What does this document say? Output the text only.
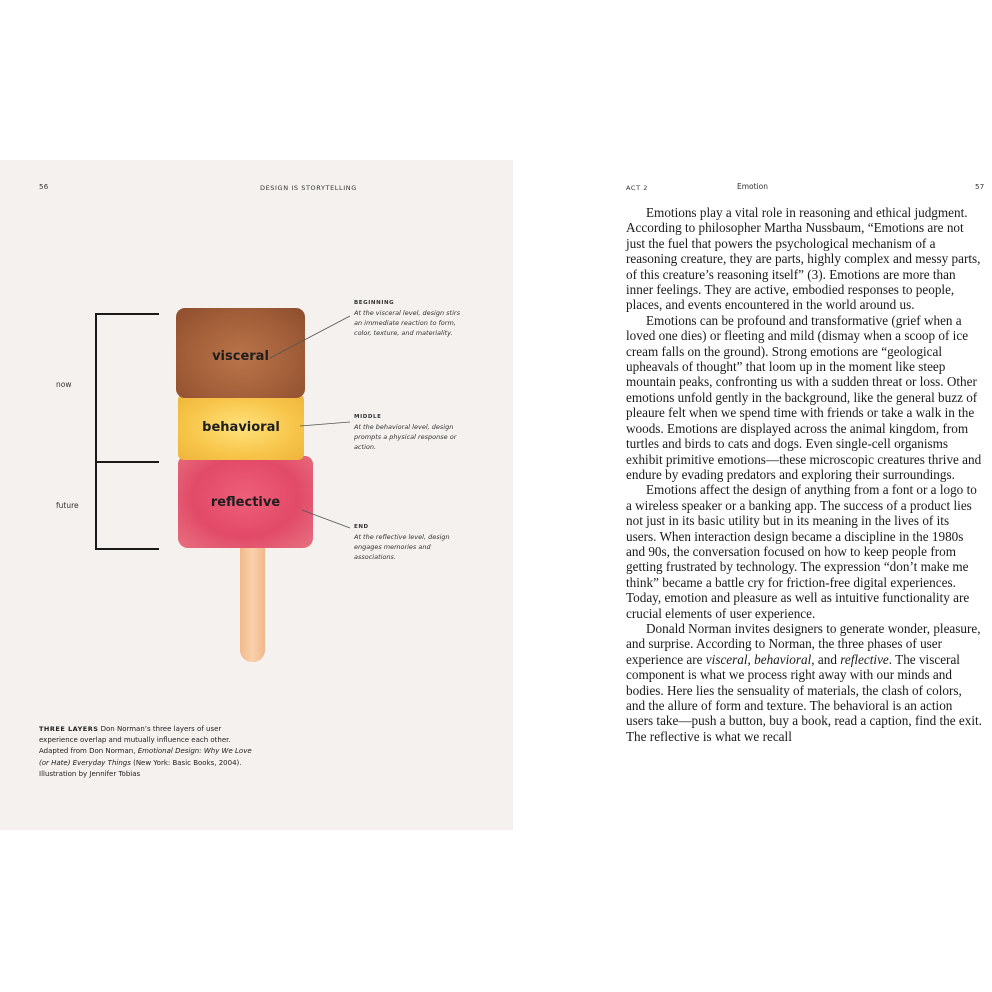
56	DESIGN IS STORYTELLING
now
future	reflective
behavioral
visceral
BEGINNING
At the visceral level, design stirs an immediate reaction to form, color, texture, and materiality.
MIDDLE
At the behavioral level, design prompts a physical response or action.
END
At the reflective level, design engages memories and associations.
THREE LAYERS Don Norman’s three layers of user experience overlap and mutually influence each other. Adapted from Don Norman, Emotional Design: Why We Love (or Hate) Everyday Things (New York: Basic Books, 2004). Illustration by Jennifer Tobias
ACT 2	Emotion	57

Emotions play a vital role in reasoning and ethical judgment. According to philosopher Martha Nussbaum, “Emotions are not just the fuel that powers the psychological mechanism of a reasoning creature, they are parts, highly complex and messy parts, of this creature’s reasoning itself” (3). Emotions are more than inner feelings. They are active, embodied responses to people, places, and events encountered in the world around us.

Emotions can be profound and transformative (grief when a loved one dies) or fleeting and mild (dismay when a scoop of ice cream falls on the ground). Strong emotions are “geological upheavals of thought” that loom up in the moment like steep mountain peaks, confronting us with a sudden threat or loss. Other emotions unfold gently in the background, like the general buzz of pleaure felt when we spend time with friends or take a walk in the woods. Emotions are displayed across the animal kingdom, from turtles and birds to cats and dogs. Even single-cell organisms exhibit primitive emotions—these microscopic creatures thrive and endure by evading predators and exploring their surroundings.

Emotions affect the design of anything from a font or a logo to a wireless speaker or a banking app. The success of a product lies not just in its basic utility but in its meaning in the lives of its users. When interaction design became a discipline in the 1980s and 90s, the conversation focused on how to keep people from getting frustrated by technology. The expression “don’t make me think” became a battle cry for friction-free digital experiences. Today, emotion and pleasure as well as intuitive functionality are crucial elements of user experience.

Donald Norman invites designers to generate wonder, pleasure, and surprise. According to Norman, the three phases of user experience are visceral, behavioral, and reflective. The visceral component is what we process right away with our minds and bodies. Here lies the sensuality of materials, the clash of colors, and the allure of form and texture. The behavioral is an action users take—push a button, buy a book, read a caption, find the exit. The reflective is what we recall
